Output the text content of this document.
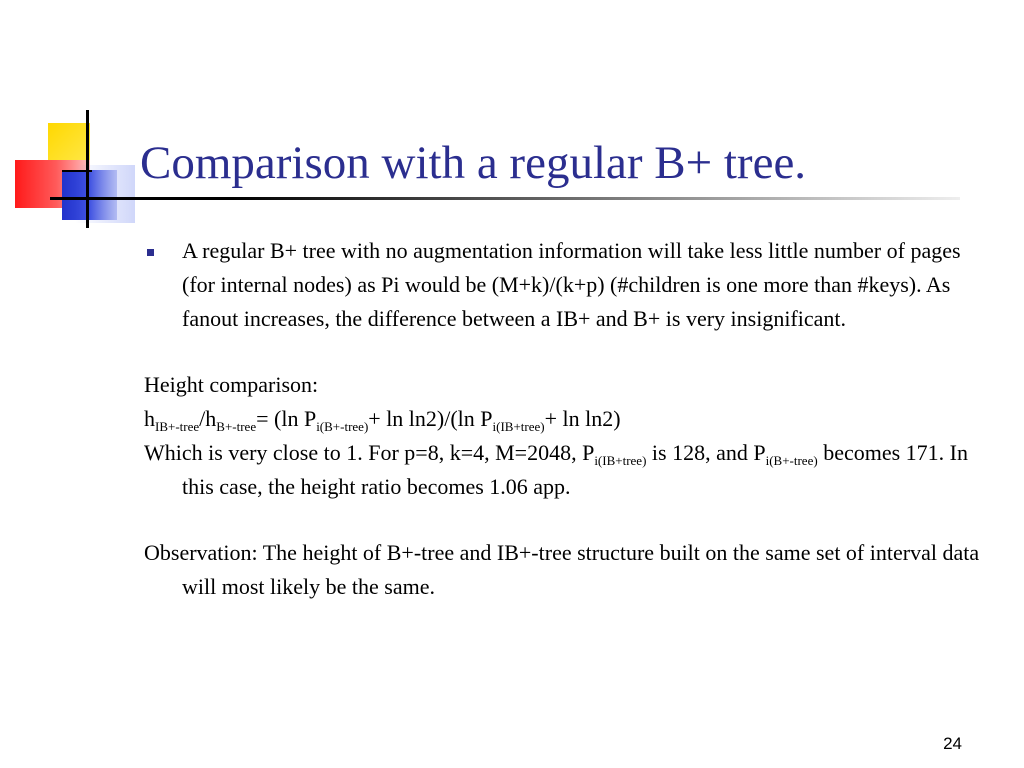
Comparison with a regular B+ tree.
A regular B+ tree with no augmentation information will take less little number of pages (for internal nodes) as Pi would be (M+k)/(k+p) (#children is one more than #keys). As fanout increases, the difference between a IB+ and B+ is very insignificant.
Height comparison:
$h_{IB+-tree}/h_{B+-tree}= (\ln$ $P_{i(B+-tree)}+ \ln \ln 2)/(\ln$ $P_{i(IB+tree)}+ \ln \ln 2$)
Which is very close to 1. For p=8, k=4, M=2048, $P_{i(IB+tree)}$ is 128, and $P_{i(B+-tree)}$ becomes 171. In this case, the height ratio becomes 1.06 app.
Observation: The height of B+-tree and IB+-tree structure built on the same set of interval data will most likely be the same.
24
